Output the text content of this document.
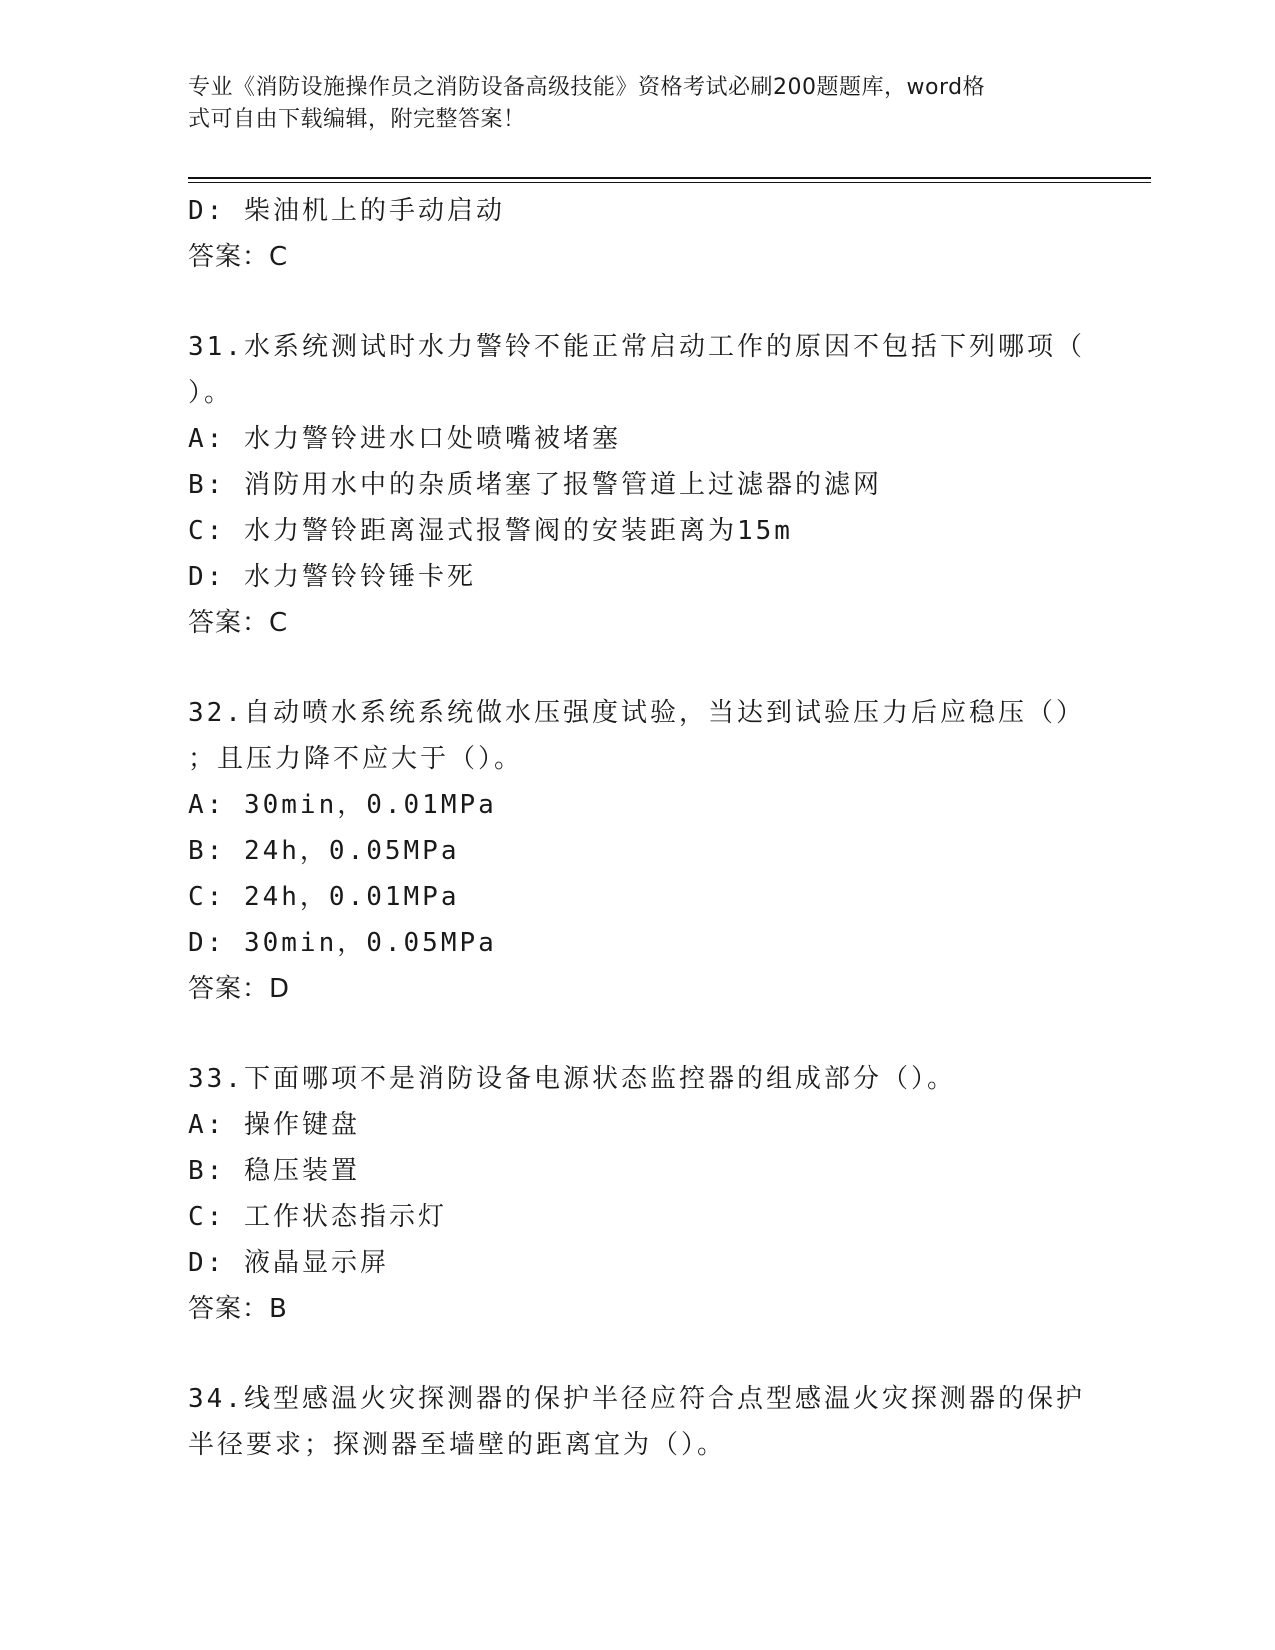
专业《消防设施操作员之消防设备高级技能》资格考试必刷200题题库，word格
式可自由下载编辑，附完整答案！
D: 柴油机上的手动启动
答案：C
31.水系统测试时水力警铃不能正常启动工作的原因不包括下列哪项（
）。
A: 水力警铃进水口处喷嘴被堵塞
B: 消防用水中的杂质堵塞了报警管道上过滤器的滤网
C: 水力警铃距离湿式报警阀的安装距离为15m
D: 水力警铃铃锤卡死
答案：C
32.自动喷水系统系统做水压强度试验，当达到试验压力后应稳压（）
；且压力降不应大于（）。
A: 30min，0.01MPa
B: 24h，0.05MPa
C: 24h，0.01MPa
D: 30min，0.05MPa
答案：D
33.下面哪项不是消防设备电源状态监控器的组成部分（）。
A: 操作键盘
B: 稳压装置
C: 工作状态指示灯
D: 液晶显示屏
答案：B
34.线型感温火灾探测器的保护半径应符合点型感温火灾探测器的保护
半径要求；探测器至墙壁的距离宜为（）。
